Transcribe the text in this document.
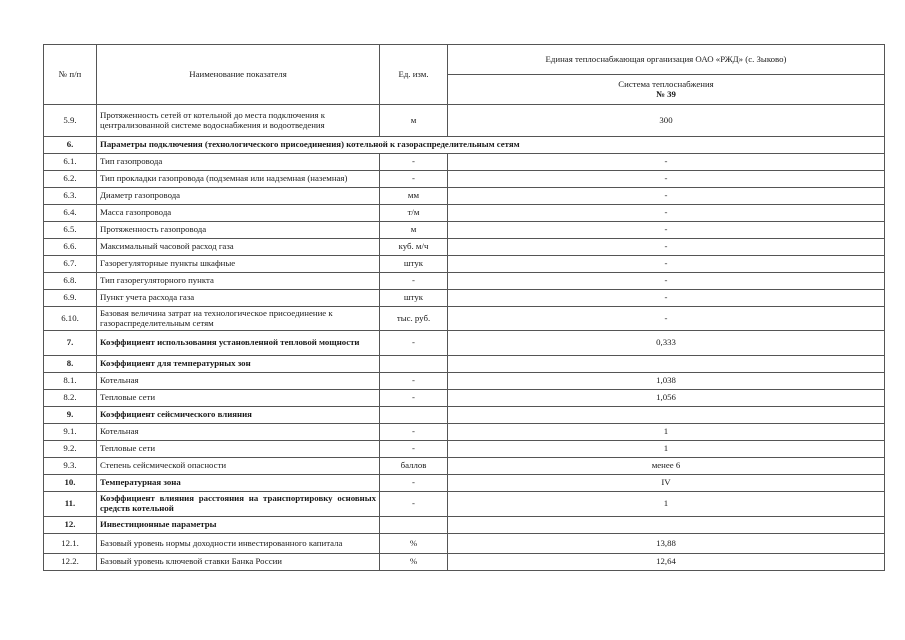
№ п/п	Наименование показателя	Ед. изм.	Единая теплоснабжающая организация ОАО «РЖД» (с. Зыково)

			Система теплоснабжения
№ 39

5.9.	Протяженность сетей от котельной до места подключения к централизованной системе водоснабжения и водоотведения	м	300
6.	Параметры подключения (технологического присоединения) котельной к газораспределительным сетям		
6.1.	Тип газопровода	-	-
6.2.	Тип прокладки газопровода (подземная или надземная (наземная)	-	-
6.3.	Диаметр газопровода	мм	-
6.4.	Масса газопровода	т/м	-
6.5.	Протяженность газопровода	м	-
6.6.	Максимальный часовой расход газа	куб. м/ч	-
6.7.	Газорегуляторные пункты шкафные	штук	-
6.8.	Тип газорегуляторного пункта	-	-
6.9.	Пункт учета расхода газа	штук	-
6.10.	Базовая величина затрат на технологическое присоединение к газораспределительным сетям	тыс. руб.	-
7.	Коэффициент использования установленной тепловой мощности	-	0,333
8.	Коэффициент для температурных зон		
8.1.	Котельная	-	1,038
8.2.	Тепловые сети	-	1,056
9.	Коэффициент сейсмического влияния		
9.1.	Котельная	-	1
9.2.	Тепловые сети	-	1
9.3.	Степень сейсмической опасности	баллов	менее 6
10.	Температурная зона	-	IV
11.	Коэффициент влияния расстояния на транспортировку основных средств котельной	-	1
12.	Инвестиционные параметры		
12.1.	Базовый уровень нормы доходности инвестированного капитала	%	13,88
12.2.	Базовый уровень ключевой ставки Банка России	%	12,64
